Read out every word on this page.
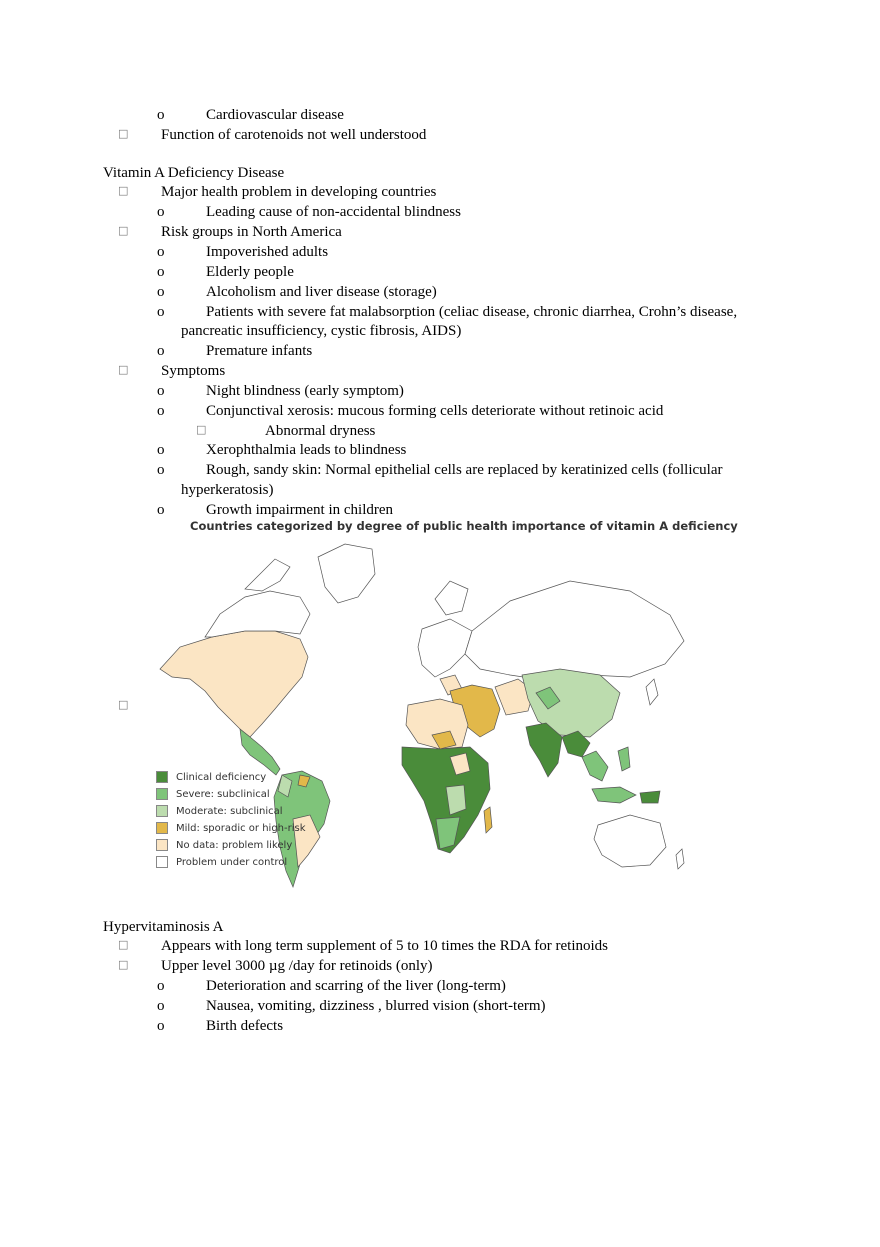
o	Cardiovascular disease
□ Function of carotenoids not well understood
Vitamin A Deficiency Disease
□ Major health problem in developing countries
o	Leading cause of non-accidental blindness
□ Risk groups in North America
o	Impoverished adults
o	Elderly people
o	Alcoholism and liver disease (storage)
o	Patients with severe fat malabsorption (celiac disease, chronic diarrhea, Crohn’s disease,
pancreatic insufficiency, cystic fibrosis, AIDS)
o	Premature infants
□ Symptoms
o	Night blindness (early symptom)
o	Conjunctival xerosis: mucous forming cells deteriorate without retinoic acid
□	Abnormal dryness
o	Xerophthalmia leads to blindness
o	Rough, sandy skin: Normal epithelial cells are replaced by keratinized cells (follicular
hyperkeratosis)
o	Growth impairment in children
□
Countries categorized by degree of public health importance of vitamin A deficiency
Clinical deficiency
Severe: subclinical
Moderate: subclinical
Mild: sporadic or high-risk
No data: problem likely
Problem under control
Hypervitaminosis A
□ Appears with long term supplement of 5 to 10 times the RDA for retinoids
□ Upper level 3000 µg /day for retinoids (only)
o	Deterioration and scarring of the liver (long-term)
o	Nausea, vomiting, dizziness , blurred vision (short-term)
o	Birth defects
